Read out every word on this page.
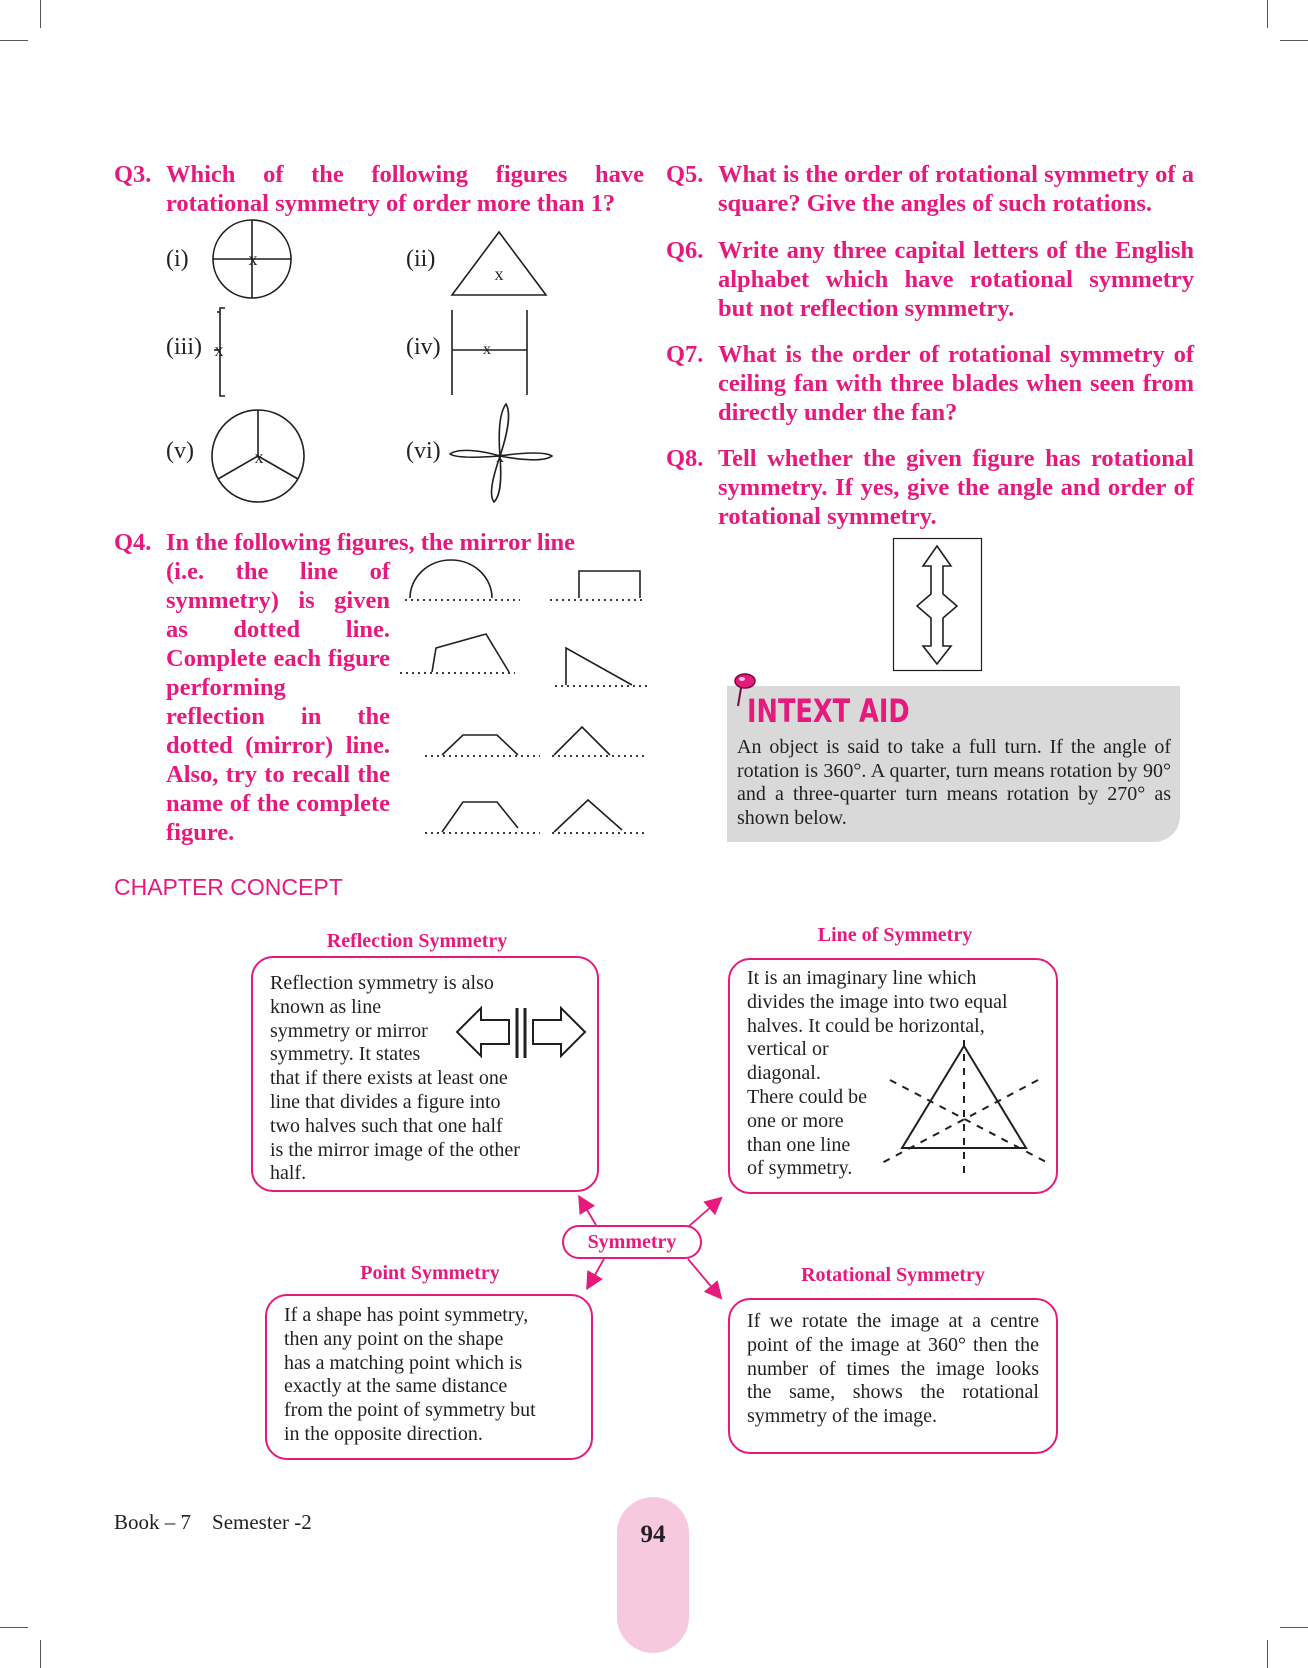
Q3. Which of the following figures have rotational symmetry of order more than 1?
(i)	(ii)
(iii)	(iv)
(v)	(vi)
x
x
x	x
x	x
Q4. In the following figures, the mirror line
(i.e. the line of symmetry) is given as dotted line. Complete each figure performing reflection in the dotted (mirror) line. Also, try to recall the name of the complete figure.
Q5. What is the order of rotational symmetry of a square? Give the angles of such rotations.
Q6. Write any three capital letters of the English alphabet which have rotational symmetry but not reflection symmetry.
Q7. What is the order of rotational symmetry of ceiling fan with three blades when seen from directly under the fan?
Q8. Tell whether the given figure has rotational symmetry. If yes, give the angle and order of rotational symmetry.
INTEXT AID
An object is said to take a full turn. If the angle of rotation is 360°. A quarter, turn means rotation by 90° and a three-quarter turn means rotation by 270° as shown below.
CHAPTER CONCEPT
Reflection Symmetry
Reflection symmetry is also
known as line
symmetry or mirror
symmetry. It states
that if there exists at least one
line that divides a figure into
two halves such that one half
is the mirror image of the other
half.
Line of Symmetry
It is an imaginary line which
divides the image into two equal
halves. It could be horizontal,
vertical or
diagonal.
There could be
one or more
than one line
of symmetry.
Symmetry
Point Symmetry
If a shape has point symmetry,
then any point on the shape
has a matching point which is
exactly at the same distance
from the point of symmetry but
in the opposite direction.
Rotational Symmetry
If we rotate the image at a centre point of the image at 360° then the number of times the image looks the same, shows the rotational symmetry of the image.
Book – 7 Semester -2	94
